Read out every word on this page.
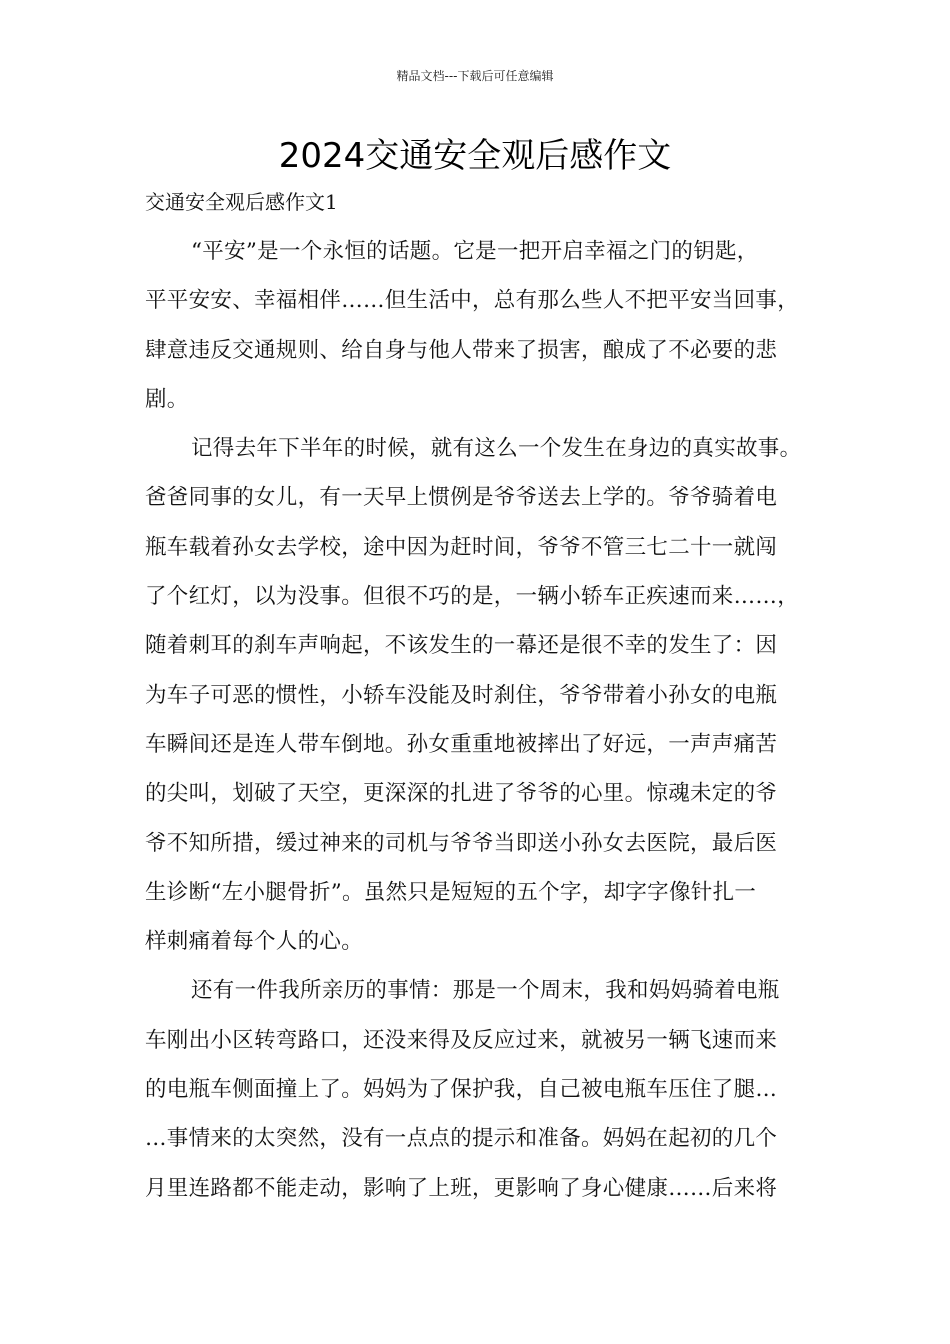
精品文档---下载后可任意编辑
2024交通安全观后感作文
交通安全观后感作文1
“平安”是一个永恒的话题。它是一把开启幸福之门的钥匙，
平平安安、幸福相伴……但生活中，总有那么些人不把平安当回事，
肆意违反交通规则、给自身与他人带来了损害，酿成了不必要的悲
剧。
记得去年下半年的时候，就有这么一个发生在身边的真实故事。
爸爸同事的女儿，有一天早上惯例是爷爷送去上学的。爷爷骑着电
瓶车载着孙女去学校，途中因为赶时间，爷爷不管三七二十一就闯
了个红灯，以为没事。但很不巧的是，一辆小轿车正疾速而来……，
随着刺耳的刹车声响起，不该发生的一幕还是很不幸的发生了：因
为车子可恶的惯性，小轿车没能及时刹住，爷爷带着小孙女的电瓶
车瞬间还是连人带车倒地。孙女重重地被摔出了好远，一声声痛苦
的尖叫，划破了天空，更深深的扎进了爷爷的心里。惊魂未定的爷
爷不知所措，缓过神来的司机与爷爷当即送小孙女去医院，最后医
生诊断“左小腿骨折”。虽然只是短短的五个字，却字字像针扎一
样刺痛着每个人的心。
还有一件我所亲历的事情：那是一个周末，我和妈妈骑着电瓶
车刚出小区转弯路口，还没来得及反应过来，就被另一辆飞速而来
的电瓶车侧面撞上了。妈妈为了保护我，自己被电瓶车压住了腿…
…事情来的太突然，没有一点点的提示和准备。妈妈在起初的几个
月里连路都不能走动，影响了上班，更影响了身心健康……后来将
